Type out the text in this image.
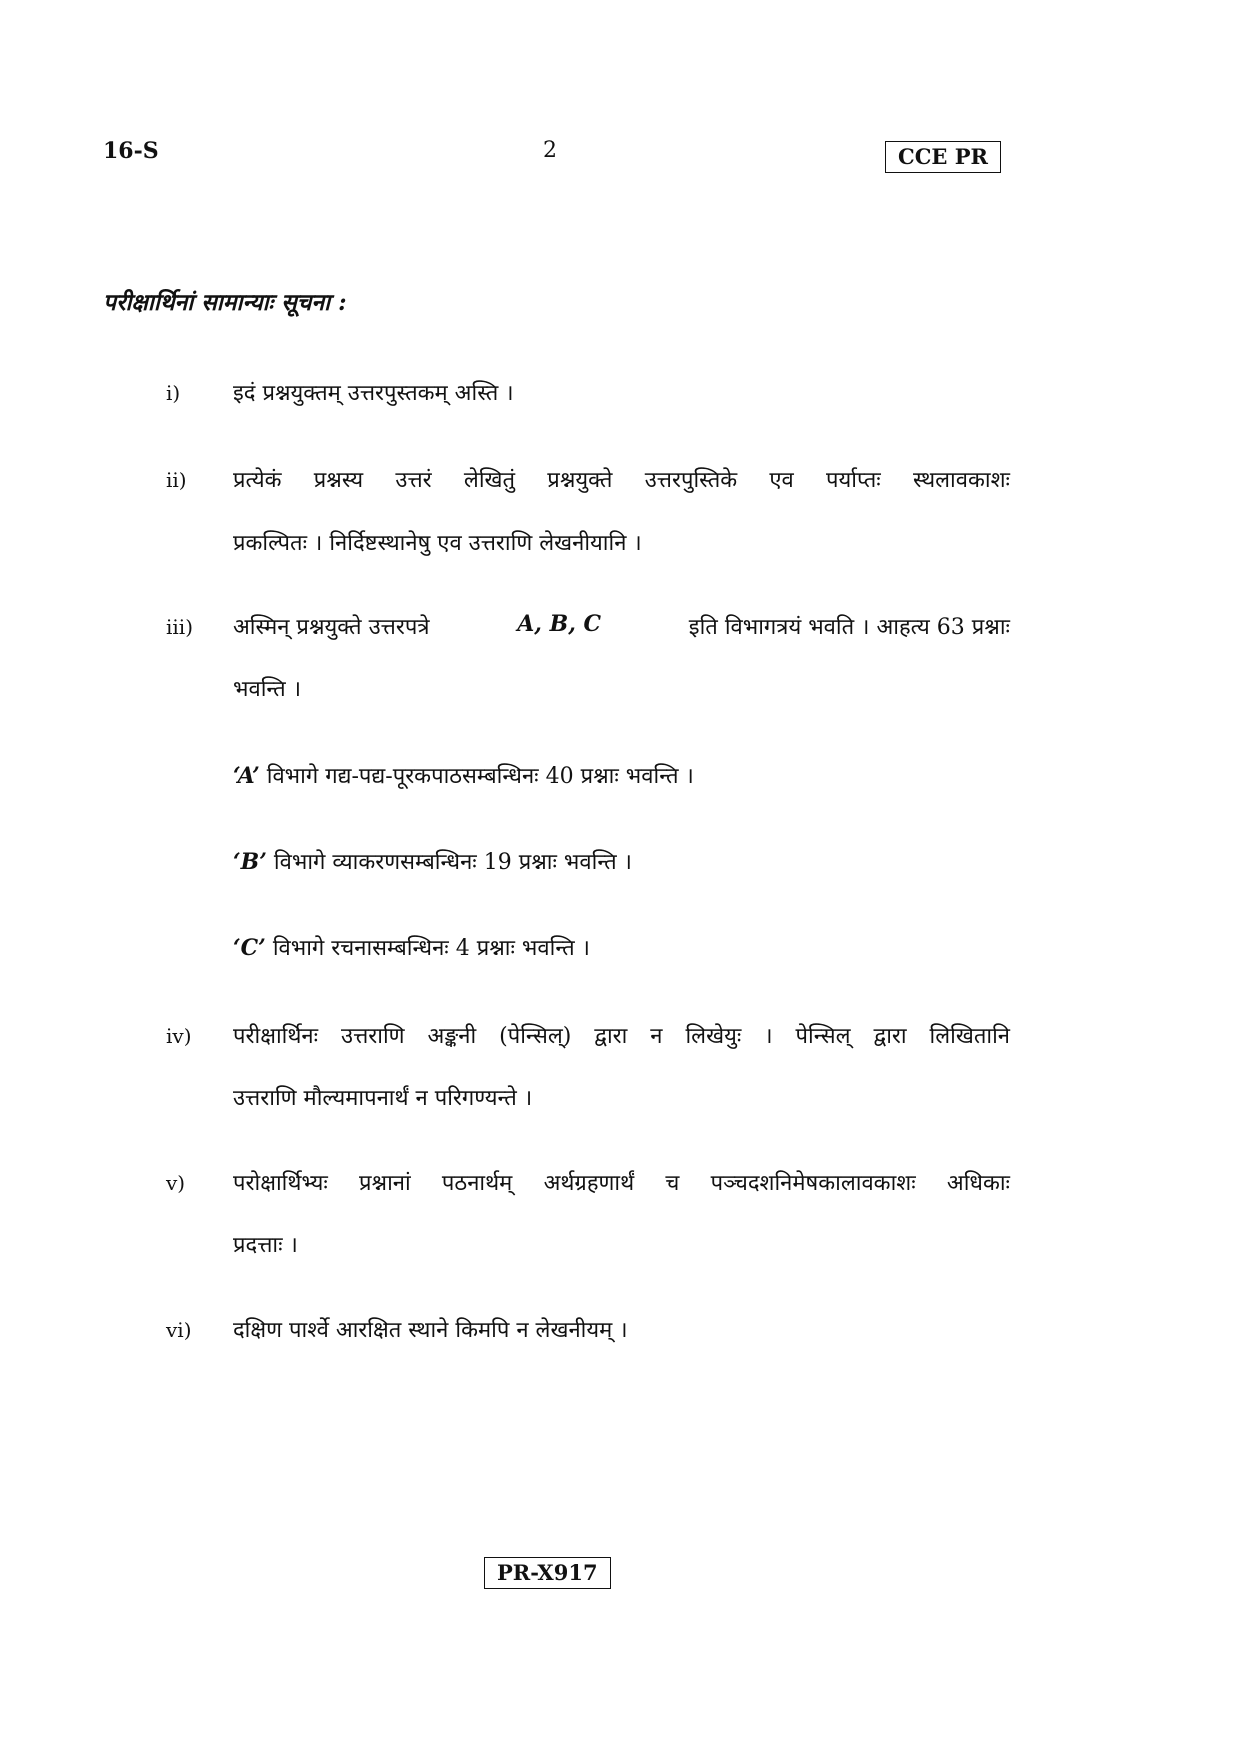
16-S	2	CCE PR
परीक्षार्थिनां सामान्याः सूचना :
i) इदं प्रश्नयुक्तम् उत्तरपुस्तकम् अस्ति ।
ii) प्रत्येकं प्रश्नस्य उत्तरं लेखितुं प्रश्नयुक्ते उत्तरपुस्तिके एव पर्याप्तः स्थलावकाशः
प्रकल्पितः । निर्दिष्टस्थानेषु एव उत्तराणि लेखनीयानि ।
iii) अस्मिन् प्रश्नयुक्ते उत्तरपत्रे	A, B, C	इति विभागत्रयं भवति । आहत्य 63 प्रश्नाः
भवन्ति ।
‘A’ विभागे गद्य-पद्य-पूरकपाठसम्बन्धिनः 40 प्रश्नाः भवन्ति ।
‘B’ विभागे व्याकरणसम्बन्धिनः 19 प्रश्नाः भवन्ति ।
‘C’ विभागे रचनासम्बन्धिनः 4 प्रश्नाः भवन्ति ।
iv) परीक्षार्थिनः उत्तराणि अङ्कनी (पेन्सिल्) द्वारा न लिखेयुः । पेन्सिल् द्वारा लिखितानि
उत्तराणि मौल्यमापनार्थं न परिगण्यन्ते ।
v) परोक्षार्थिभ्यः प्रश्नानां पठनार्थम् अर्थग्रहणार्थं च पञ्चदशनिमेषकालावकाशः अधिकाः
प्रदत्ताः ।
vi) दक्षिण पार्श्वे आरक्षित स्थाने किमपि न लेखनीयम् ।
PR-X917
